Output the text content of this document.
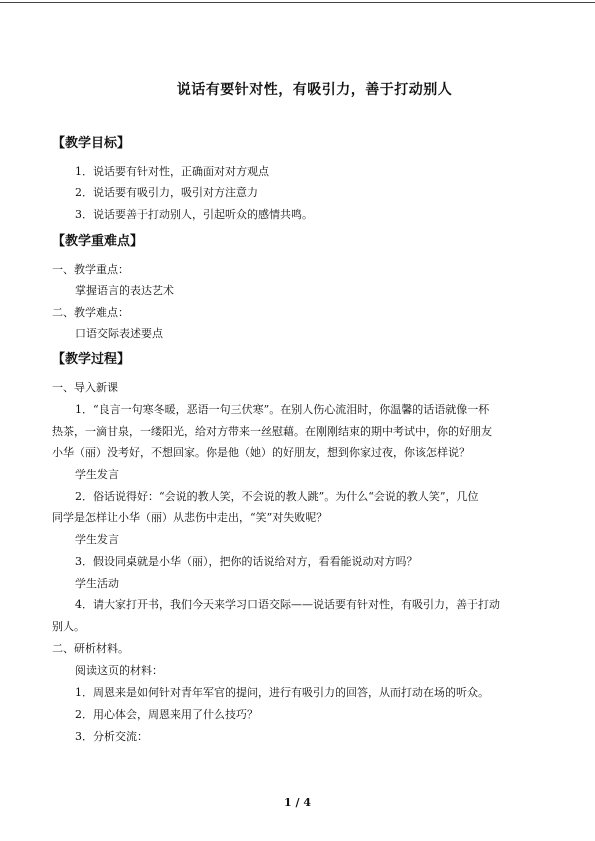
说话有要针对性，有吸引力，善于打动别人
【教学目标】
1．说话要有针对性，正确面对对方观点
2．说话要有吸引力，吸引对方注意力
3．说话要善于打动别人，引起听众的感情共鸣。
【教学重难点】
一、教学重点：
掌握语言的表达艺术
二、教学难点：
口语交际表述要点
【教学过程】
一、导入新课
1．“良言一句寒冬暖，恶语一句三伏寒”。在别人伤心流泪时，你温馨的话语就像一杯
热茶，一滴甘泉，一缕阳光，给对方带来一丝慰藉。在刚刚结束的期中考试中，你的好朋友
小华（丽）没考好，不想回家。你是他（她）的好朋友，想到你家过夜，你该怎样说？
学生发言
2．俗话说得好：“会说的教人笑，不会说的教人跳”。为什么“会说的教人笑”，几位
同学是怎样让小华（丽）从悲伤中走出，“笑”对失败呢？
学生发言
3．假设同桌就是小华（丽），把你的话说给对方，看看能说动对方吗？
学生活动
4．请大家打开书，我们今天来学习口语交际——说话要有针对性，有吸引力，善于打动
别人。
二、研析材料。
阅读这页的材料：
1．周恩来是如何针对青年军官的提问，进行有吸引力的回答，从而打动在场的听众。
2．用心体会，周恩来用了什么技巧？
3．分析交流：
1 / 4
